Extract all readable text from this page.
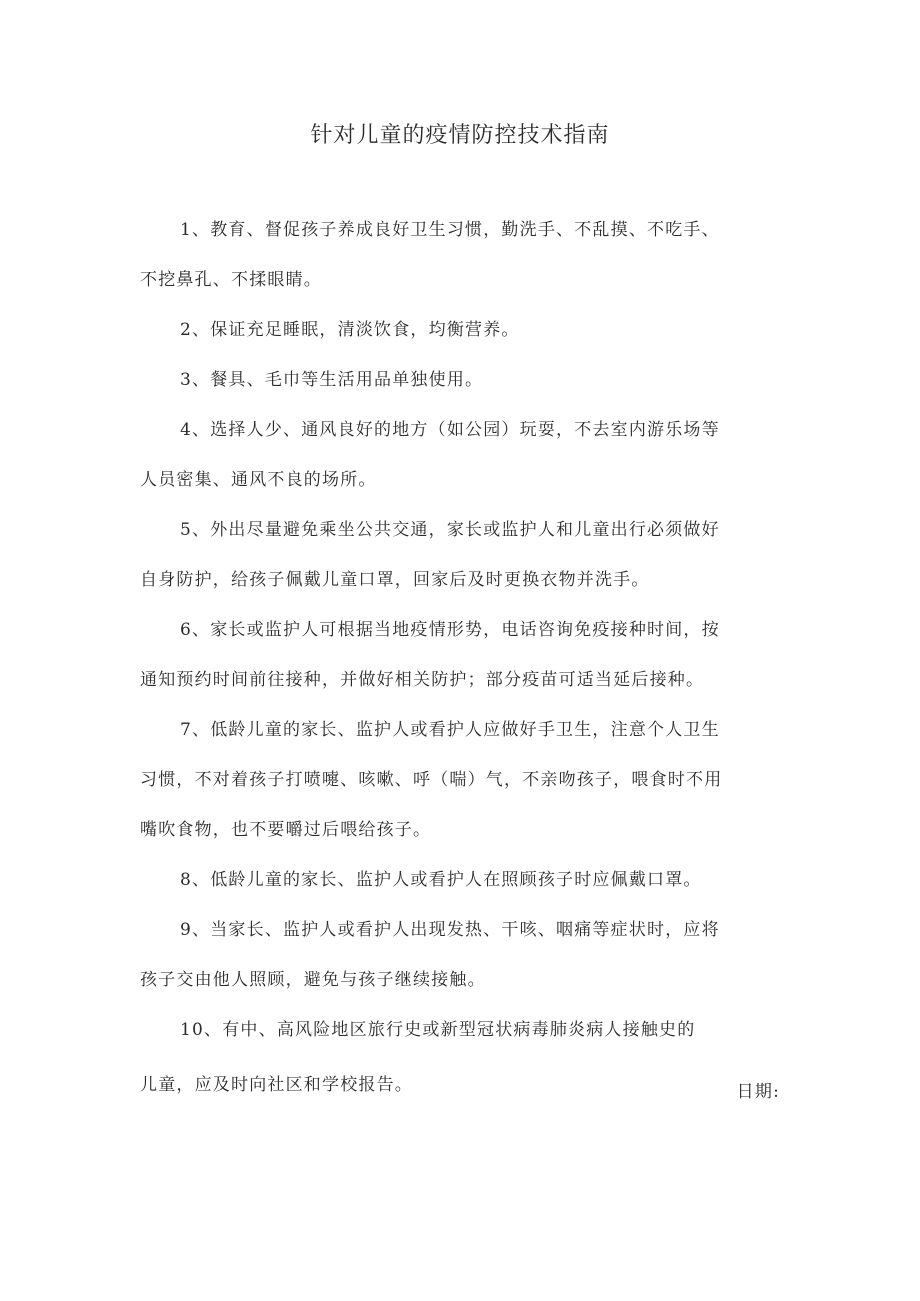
针对儿童的疫情防控技术指南

1、教育、督促孩子养成良好卫生习惯，勤洗手、不乱摸、不吃手、
不挖鼻孔、不揉眼睛。

2、保证充足睡眠，清淡饮食，均衡营养。

3、餐具、毛巾等生活用品单独使用。

4、选择人少、通风良好的地方（如公园）玩耍，不去室内游乐场等
人员密集、通风不良的场所。

5、外出尽量避免乘坐公共交通，家长或监护人和儿童出行必须做好
自身防护，给孩子佩戴儿童口罩，回家后及时更换衣物并洗手。

6、家长或监护人可根据当地疫情形势，电话咨询免疫接种时间，按
通知预约时间前往接种，并做好相关防护；部分疫苗可适当延后接种。

7、低龄儿童的家长、监护人或看护人应做好手卫生，注意个人卫生
习惯，不对着孩子打喷嚏、咳嗽、呼（喘）气，不亲吻孩子，喂食时不用
嘴吹食物，也不要嚼过后喂给孩子。

8、低龄儿童的家长、监护人或看护人在照顾孩子时应佩戴口罩。

9、当家长、监护人或看护人出现发热、干咳、咽痛等症状时，应将
孩子交由他人照顾，避免与孩子继续接触。

10、有中、高风险地区旅行史或新型冠状病毒肺炎病人接触史的
儿童，应及时向社区和学校报告。	日期:
